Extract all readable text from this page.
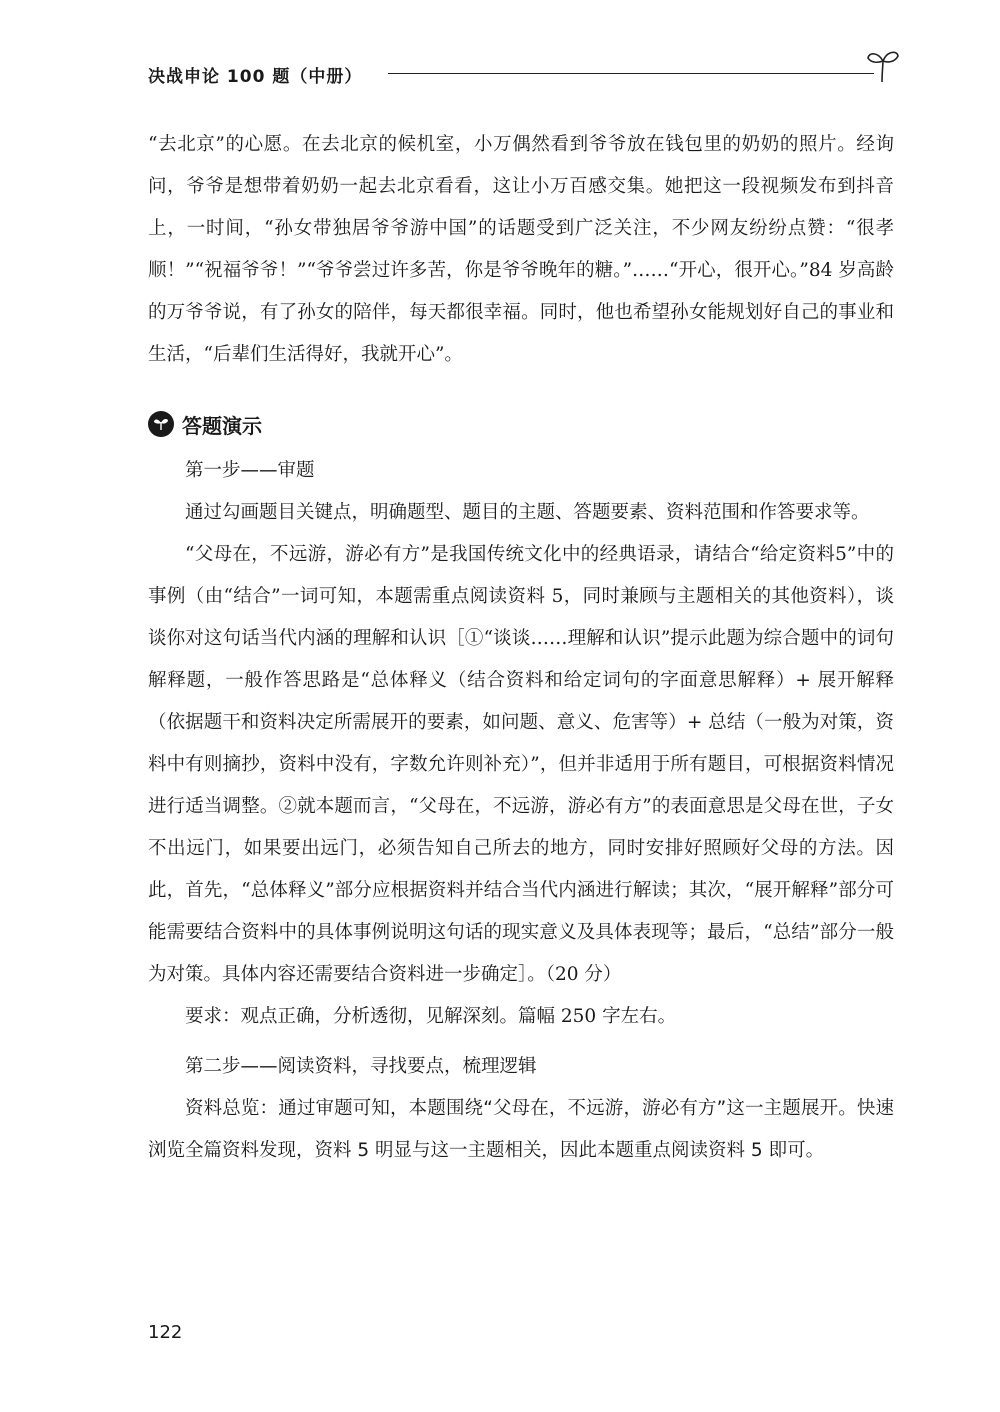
决战申论 100 题（中册）

“去北京”的心愿。在去北京的候机室，小万偶然看到爷爷放在钱包里的奶奶的照片。经询问，爷爷是想带着奶奶一起去北京看看，这让小万百感交集。她把这一段视频发布到抖音上，一时间，“孙女带独居爷爷游中国”的话题受到广泛关注，不少网友纷纷点赞：“很孝顺！”“祝福爷爷！”“爷爷尝过许多苦，你是爷爷晚年的糖。”……“开心，很开心。”84 岁高龄的万爷爷说，有了孙女的陪伴，每天都很幸福。同时，他也希望孙女能规划好自己的事业和生活，“后辈们生活得好，我就开心”。

答题演示

第一步——审题

通过勾画题目关键点，明确题型、题目的主题、答题要素、资料范围和作答要求等。

“父母在，不远游，游必有方”是我国传统文化中的经典语录，请结合“给定资料5”中的事例（由“结合”一词可知，本题需重点阅读资料 5，同时兼顾与主题相关的其他资料），谈谈你对这句话当代内涵的理解和认识［①“谈谈……理解和认识”提示此题为综合题中的词句解释题，一般作答思路是“总体释义（结合资料和给定词句的字面意思解释）+ 展开解释（依据题干和资料决定所需展开的要素，如问题、意义、危害等）+ 总结（一般为对策，资料中有则摘抄，资料中没有，字数允许则补充）”，但并非适用于所有题目，可根据资料情况进行适当调整。②就本题而言，“父母在，不远游，游必有方”的表面意思是父母在世，子女不出远门，如果要出远门，必须告知自己所去的地方，同时安排好照顾好父母的方法。因此，首先，“总体释义”部分应根据资料并结合当代内涵进行解读；其次，“展开解释”部分可能需要结合资料中的具体事例说明这句话的现实意义及具体表现等；最后，“总结”部分一般为对策。具体内容还需要结合资料进一步确定］。（20 分）

要求：观点正确，分析透彻，见解深刻。篇幅 250 字左右。

第二步——阅读资料，寻找要点，梳理逻辑

资料总览：通过审题可知，本题围绕“父母在，不远游，游必有方”这一主题展开。快速浏览全篇资料发现，资料 5 明显与这一主题相关，因此本题重点阅读资料 5 即可。

122
